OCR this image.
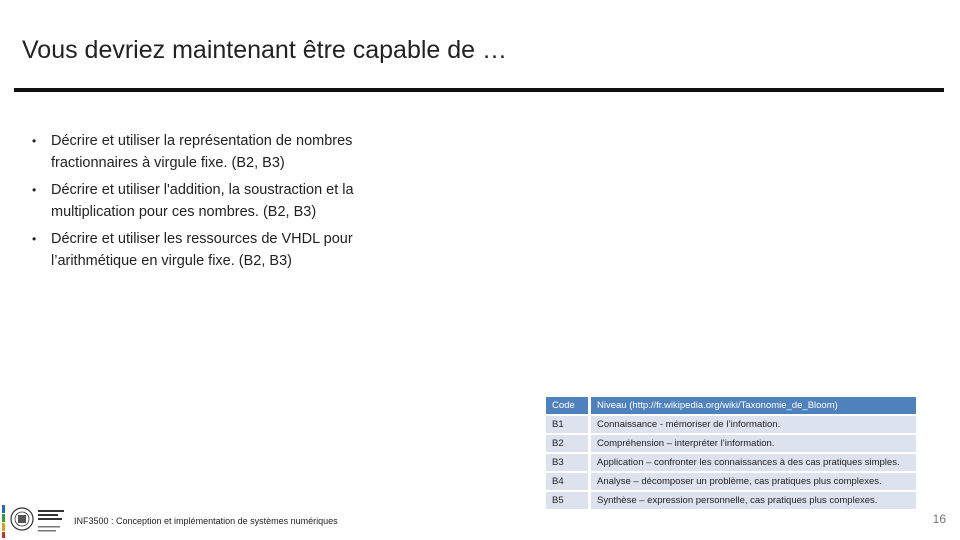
Vous devriez maintenant être capable de …
• Décrire et utiliser la représentation de nombres fractionnaires à virgule fixe. (B2, B3)
• Décrire et utiliser l'addition, la soustraction et la multiplication pour ces nombres. (B2, B3)
• Décrire et utiliser les ressources de VHDL pour l’arithmétique en virgule fixe. (B2, B3)
Code	Niveau (http://fr.wikipedia.org/wiki/Taxonomie_de_Bloom)
B1	Connaissance - mémoriser de l’information.
B2	Compréhension – interpréter l’information.
B3	Application – confronter les connaissances à des cas pratiques simples.
B4	Analyse – décomposer un problème, cas pratiques plus complexes.
B5	Synthèse – expression personnelle, cas pratiques plus complexes.
INF3500 : Conception et implémentation de systèmes numériques	16
